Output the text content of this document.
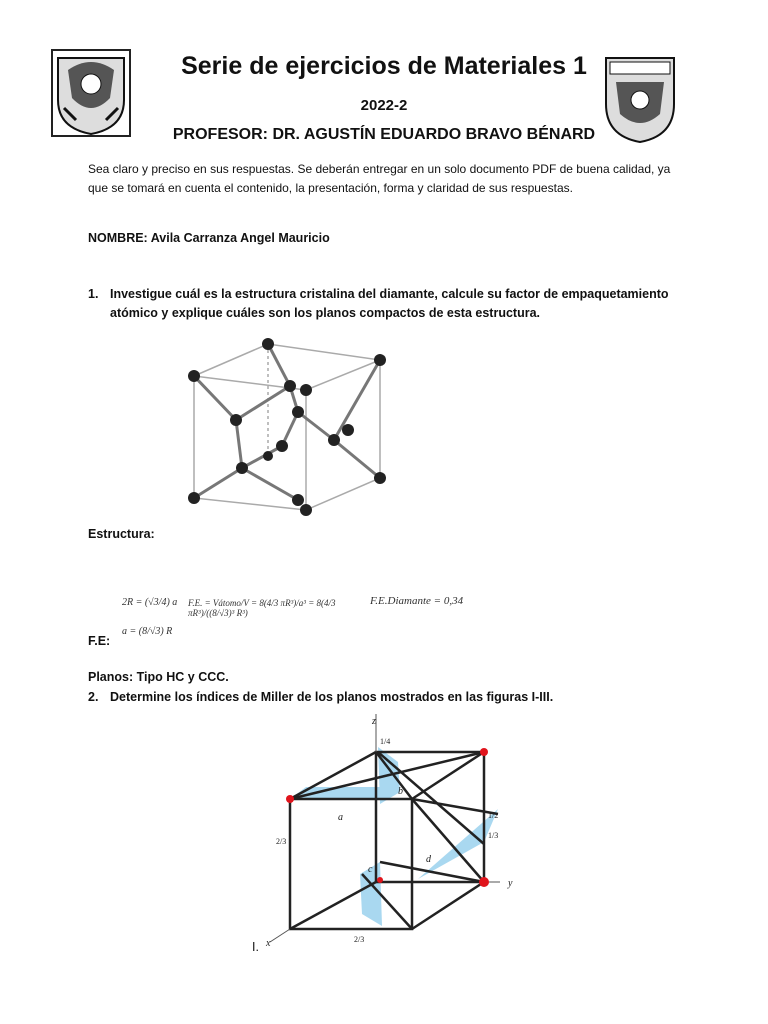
Serie de ejercicios de Materiales 1
2022-2
PROFESOR: DR. AGUSTÍN EDUARDO BRAVO BÉNARD
Sea claro y preciso en sus respuestas. Se deberán entregar en un solo documento PDF de buena calidad, ya que se tomará en cuenta el contenido, la presentación, forma y claridad de sus respuestas.
NOMBRE: Avila Carranza Angel Mauricio
1. Investigue cuál es la estructura cristalina del diamante, calcule su factor de empaquetamiento atómico y explique cuáles son los planos compactos de esta estructura.
Estructura:
2R = (√3/4) a
a = (8/√3) R
F.E. = Vátomo/V = 8(4/3 πR³)/a³ = 8(4/3 πR³)/((8/√3)³ R³)
F.E.Diamante = 0,34
F.E:
Planos: Tipo HC y CCC.
2. Determine los índices de Miller de los planos mostrados en las figuras I-III.
z
y
x
a
b
c
d
1/4
2/3
1/2
1/3
2/3
I.
